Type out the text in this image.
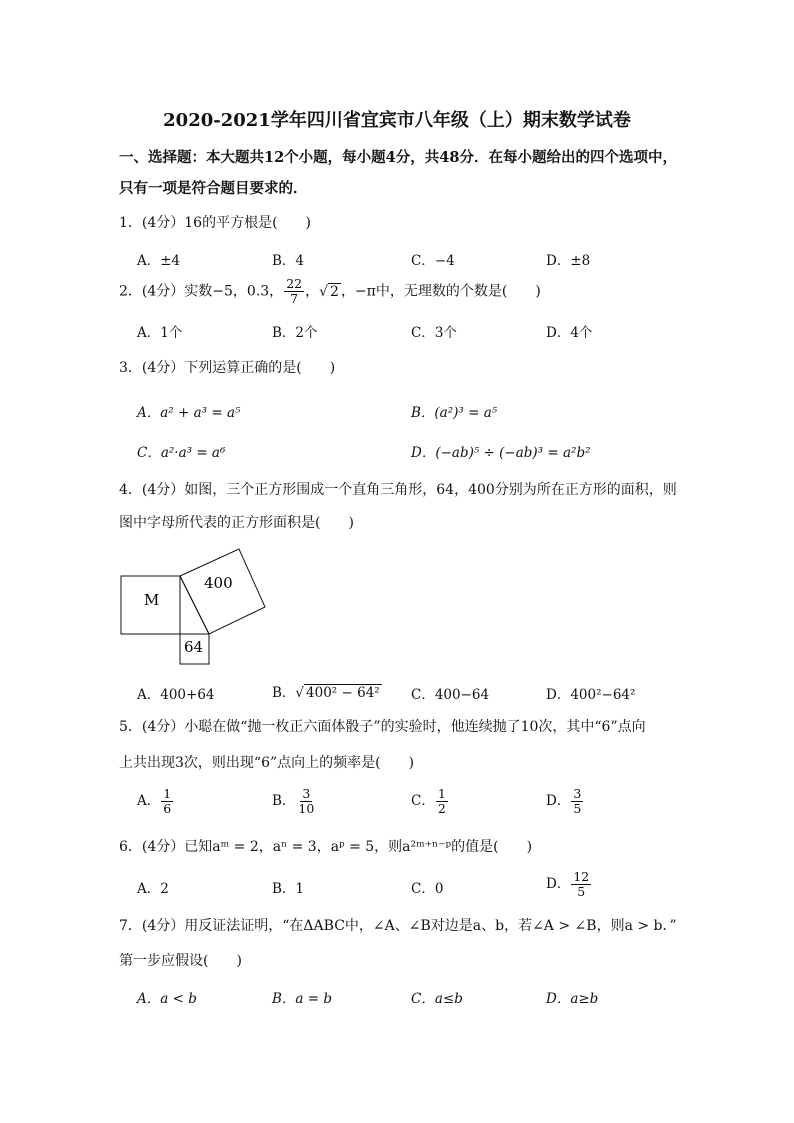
2020-2021学年四川省宜宾市八年级（上）期末数学试卷
一、选择题：本大题共12个小题，每小题4分，共48分．在每小题给出的四个选项中，
只有一项是符合题目要求的．
1．(4分）16的平方根是(　　)
A．±4	B．4	C．−4	D．±8
2．(4分）实数−5，0.3， $\frac{22}{7}$ ， √ 2 ，−π中，无理数的个数是(　　)
A．1个	B．2个	C．3个	D．4个
3．(4分）下列运算正确的是(　　)
A．a² + a³ = a⁵	B．(a²)³ = a⁵
C．a²·a³ = a⁶	D．(−ab)⁵ ÷ (−ab)³ = a²b²
4．(4分）如图，三个正方形围成一个直角三角形，64，400分别为所在正方形的面积，则
图中字母所代表的正方形面积是(　　)
M
400
64
A．400+64	B． √ 400² − 64² C．400−64	D．400²−64²
5．(4分）小聪在做“抛一枚正六面体骰子”的实验时，他连续抛了10次，其中“6”点向
上共出现3次，则出现“6”点向上的频率是(　　)
A． $\frac{1}{6}$	B． $\frac{3}{10}$	C． $\frac{1}{2}$	D． $\frac{3}{5}$
6．(4分）已知aᵐ = 2，aⁿ = 3，aᵖ = 5，则a²ᵐ⁺ⁿ⁻ᵖ的值是(　　)
A．2	B．1	C．0	D． $\frac{12}{5}$
7．(4分）用反证法证明，“在ΔABC中，∠A、∠B对边是a、b，若∠A > ∠B，则a > b．”
第一步应假设(　　)
A．a < b	B．a = b	C．a≤b	D．a≥b
